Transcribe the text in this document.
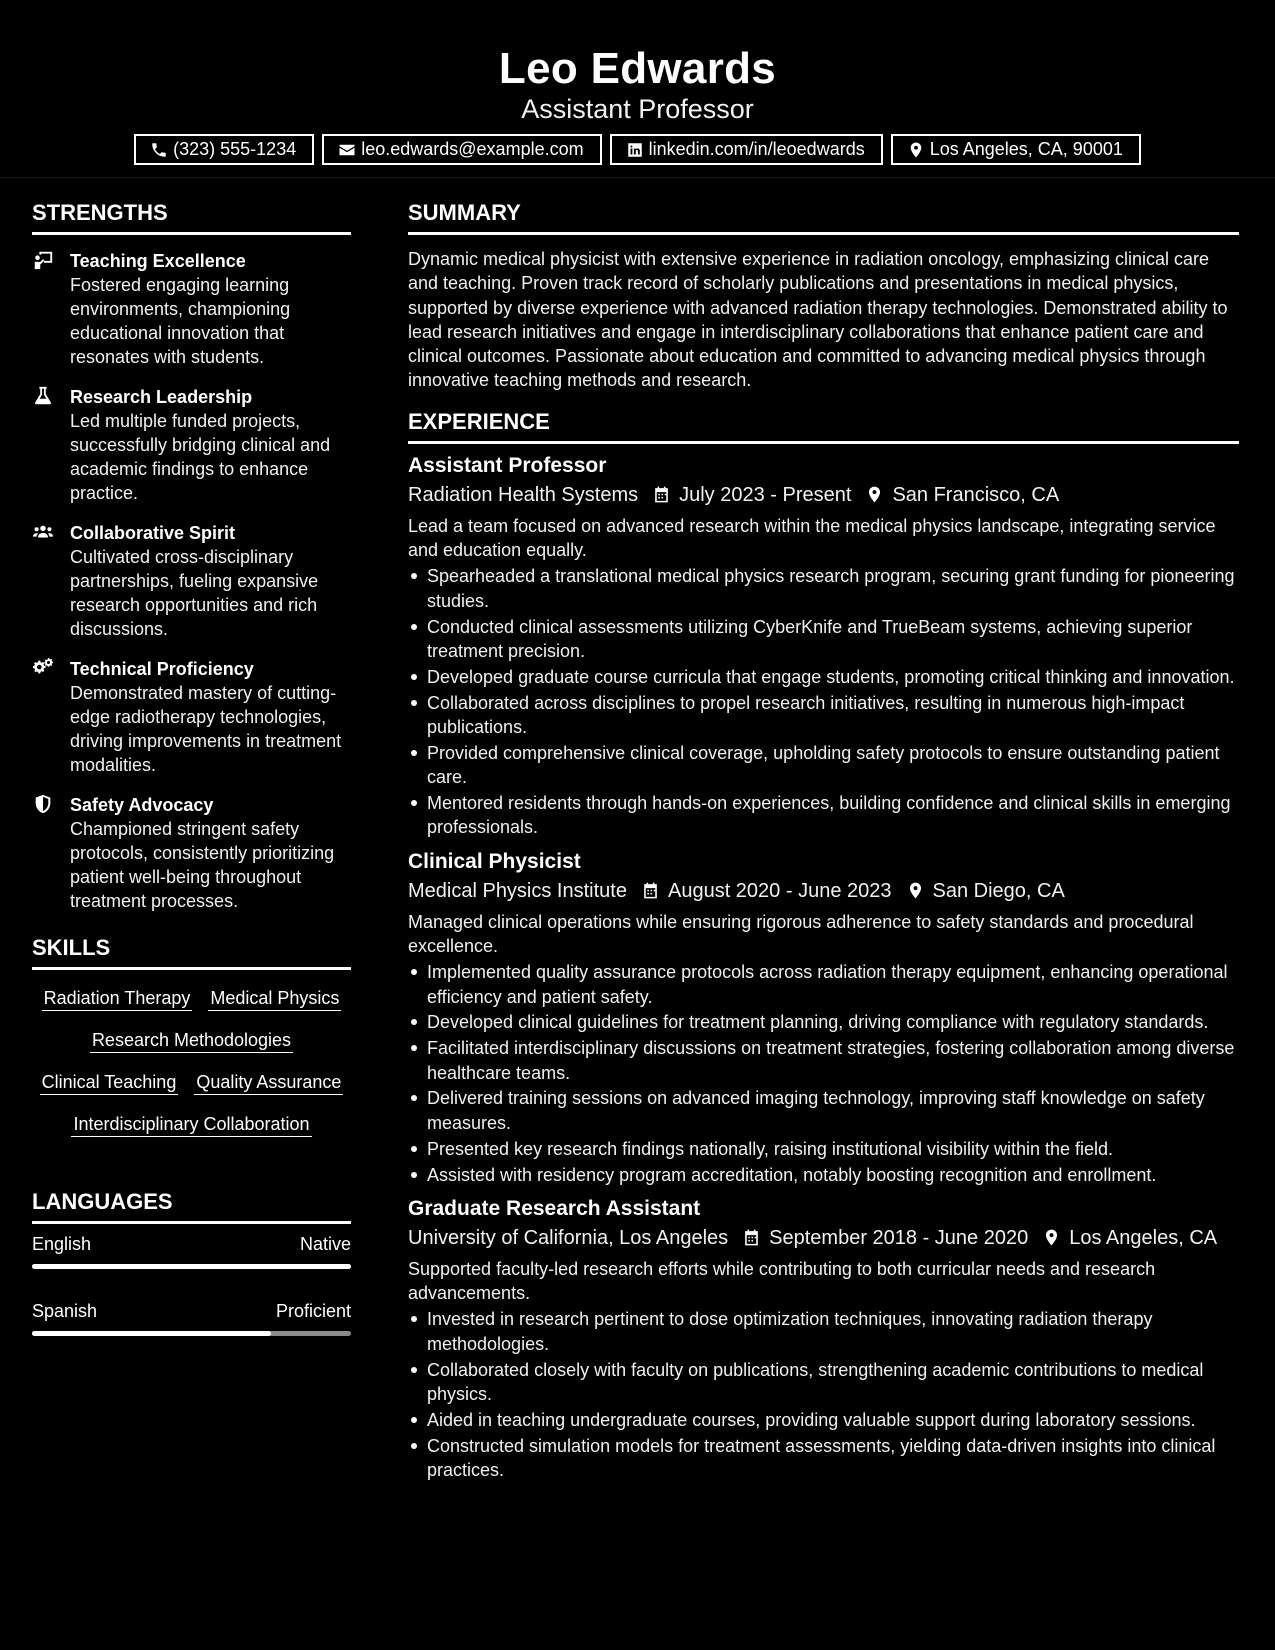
Leo Edwards
Assistant Professor
(323) 555-1234	leo.edwards@example.com	linkedin.com/in/leoedwards	Los Angeles, CA, 90001
STRENGTHS
Teaching Excellence
Fostered engaging learning environments, championing educational innovation that resonates with students.
Research Leadership
Led multiple funded projects, successfully bridging clinical and academic findings to enhance practice.
Collaborative Spirit
Cultivated cross-disciplinary partnerships, fueling expansive research opportunities and rich discussions.
Technical Proficiency
Demonstrated mastery of cutting-edge radiotherapy technologies, driving improvements in treatment modalities.
Safety Advocacy
Championed stringent safety protocols, consistently prioritizing patient well-being throughout treatment processes.
SKILLS
Radiation Therapy Medical Physics
Research Methodologies
Clinical Teaching Quality Assurance
Interdisciplinary Collaboration
LANGUAGES
English	Native
Spanish	Proficient
SUMMARY
Dynamic medical physicist with extensive experience in radiation oncology, emphasizing clinical care and teaching. Proven track record of scholarly publications and presentations in medical physics, supported by diverse experience with advanced radiation therapy technologies. Demonstrated ability to lead research initiatives and engage in interdisciplinary collaborations that enhance patient care and clinical outcomes. Passionate about education and committed to advancing medical physics through innovative teaching methods and research.
EXPERIENCE
Assistant Professor
Radiation Health Systems July 2023 - Present San Francisco, CA
Lead a team focused on advanced research within the medical physics landscape, integrating service and education equally.
Spearheaded a translational medical physics research program, securing grant funding for pioneering studies.
Conducted clinical assessments utilizing CyberKnife and TrueBeam systems, achieving superior treatment precision.
Developed graduate course curricula that engage students, promoting critical thinking and innovation.
Collaborated across disciplines to propel research initiatives, resulting in numerous high-impact publications.
Provided comprehensive clinical coverage, upholding safety protocols to ensure outstanding patient care.
Mentored residents through hands-on experiences, building confidence and clinical skills in emerging professionals.
Clinical Physicist
Medical Physics Institute August 2020 - June 2023 San Diego, CA
Managed clinical operations while ensuring rigorous adherence to safety standards and procedural excellence.
Implemented quality assurance protocols across radiation therapy equipment, enhancing operational efficiency and patient safety.
Developed clinical guidelines for treatment planning, driving compliance with regulatory standards.
Facilitated interdisciplinary discussions on treatment strategies, fostering collaboration among diverse healthcare teams.
Delivered training sessions on advanced imaging technology, improving staff knowledge on safety measures.
Presented key research findings nationally, raising institutional visibility within the field.
Assisted with residency program accreditation, notably boosting recognition and enrollment.
Graduate Research Assistant
University of California, Los Angeles September 2018 - June 2020 Los Angeles, CA
Supported faculty-led research efforts while contributing to both curricular needs and research advancements.
Invested in research pertinent to dose optimization techniques, innovating radiation therapy methodologies.
Collaborated closely with faculty on publications, strengthening academic contributions to medical physics.
Aided in teaching undergraduate courses, providing valuable support during laboratory sessions.
Constructed simulation models for treatment assessments, yielding data-driven insights into clinical practices.
